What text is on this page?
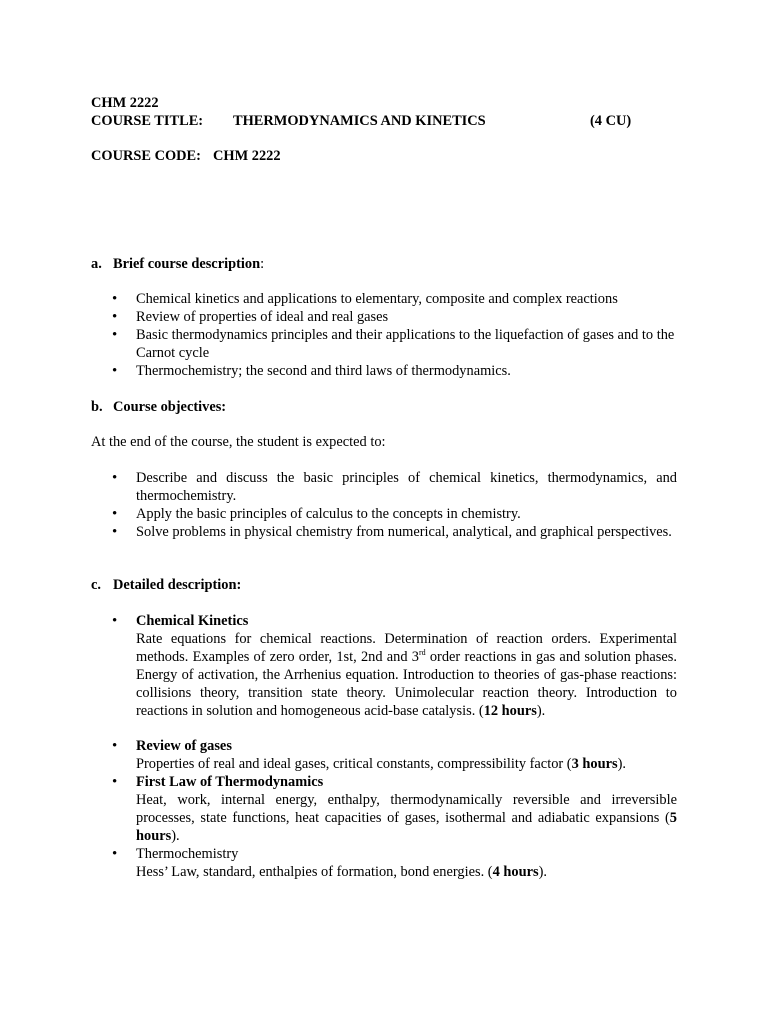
CHM 2222
COURSE TITLE: THERMODYNAMICS AND KINETICS	(4 CU)
COURSE CODE: CHM 2222
a. Brief course description:
• Chemical kinetics and applications to elementary, composite and complex reactions
• Review of properties of ideal and real gases
• Basic thermodynamics principles and their applications to the liquefaction of gases and to the Carnot cycle
• Thermochemistry; the second and third laws of thermodynamics.
b. Course objectives:
At the end of the course, the student is expected to:
• Describe and discuss the basic principles of chemical kinetics, thermodynamics, and thermochemistry.
• Apply the basic principles of calculus to the concepts in chemistry.
• Solve problems in physical chemistry from numerical, analytical, and graphical perspectives.
c. Detailed description:
• Chemical Kinetics
Rate equations for chemical reactions. Determination of reaction orders. Experimental methods. Examples of zero order, 1st, 2nd and 3rd order reactions in gas and solution phases. Energy of activation, the Arrhenius equation. Introduction to theories of gas-phase reactions: collisions theory, transition state theory. Unimolecular reaction theory. Introduction to reactions in solution and homogeneous acid-base catalysis. (12 hours).
• Review of gases
Properties of real and ideal gases, critical constants, compressibility factor (3 hours).
• First Law of Thermodynamics
Heat, work, internal energy, enthalpy, thermodynamically reversible and irreversible processes, state functions, heat capacities of gases, isothermal and adiabatic expansions (5 hours).
• Thermochemistry
Hess’ Law, standard, enthalpies of formation, bond energies. (4 hours).
